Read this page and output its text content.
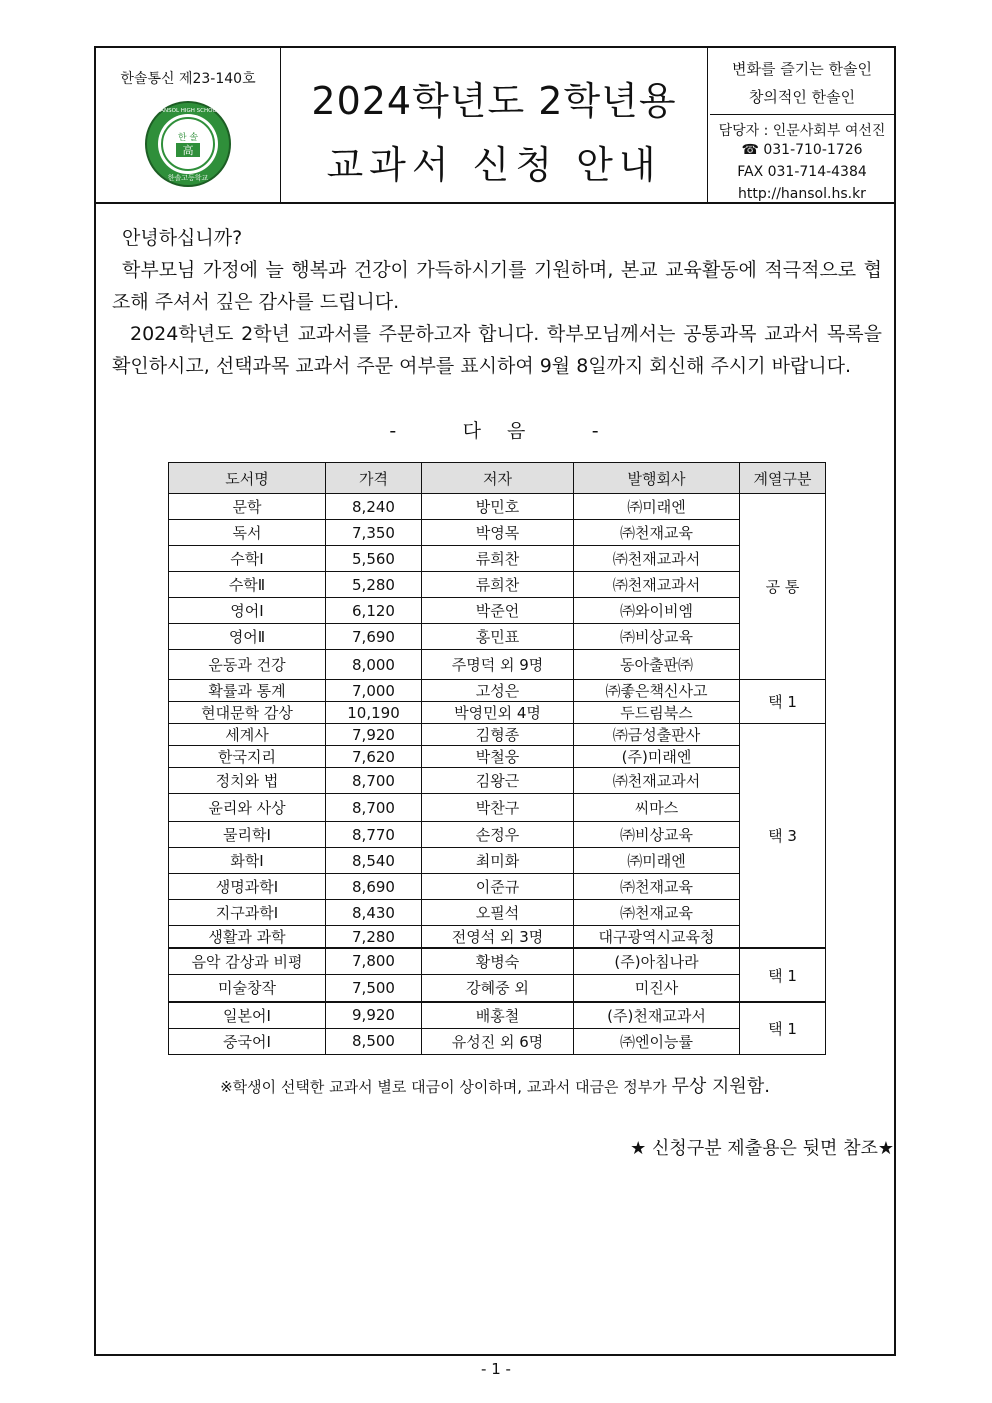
한솔통신 제23-140호
한 솔
高
한솔고등학교
HANSOL HIGH SCHOOL	2024학년도 2학년용
교과서 신청 안내
변화를 즐기는 한솔인
창의적인 한솔인
담당자 : 인문사회부 여선진
☎ 031-710-1726
FAX 031-714-4384
http://hansol.hs.kr
안녕하십니까?
학부모님 가정에 늘 행복과 건강이 가득하시기를 기원하며, 본교 교육활동에 적극적으로 협조해 주셔서 깊은 감사를 드립니다.
2024학년도 2학년 교과서를 주문하고자 합니다. 학부모님께서는 공통과목 교과서 목록을 확인하시고, 선택과목 교과서 주문 여부를 표시하여 9월 8일까지 회신해 주시기 바랍니다.
-        다   음        -
도서명	가격	저자	발행회사	계열구분
문학	8,240	방민호	㈜미래엔	공 통
독서	7,350	박영목	㈜천재교육	
수학Ⅰ	5,560	류희찬	㈜천재교과서	
수학Ⅱ	5,280	류희찬	㈜천재교과서	
영어Ⅰ	6,120	박준언	㈜와이비엠	
영어Ⅱ	7,690	홍민표	㈜비상교육	
운동과 건강	8,000	주명덕 외 9명	동아출판㈜	
확률과 통계	7,000	고성은	㈜좋은책신사고	택 1
현대문학 감상	10,190	박영민외 4명	두드림북스	
세계사	7,920	김형종	㈜금성출판사	택 3
한국지리	7,620	박철웅	(주)미래엔	
정치와 법	8,700	김왕근	㈜천재교과서	
윤리와 사상	8,700	박찬구	씨마스	
물리학Ⅰ	8,770	손정우	㈜비상교육	
화학Ⅰ	8,540	최미화	㈜미래엔	
생명과학Ⅰ	8,690	이준규	㈜천재교육	
지구과학Ⅰ	8,430	오필석	㈜천재교육	
생활과 과학	7,280	전영석 외 3명	대구광역시교육청	
음악 감상과 비평	7,800	황병숙	(주)아침나라	택 1
미술창작	7,500	강혜중 외	미진사	
일본어Ⅰ	9,920	배홍철	(주)천재교과서	택 1
중국어Ⅰ	8,500	유성진 외 6명	㈜엔이능률	
※학생이 선택한 교과서 별로 대금이 상이하며, 교과서 대금은 정부가 무상 지원함.
★ 신청구분 제출용은 뒷면 참조★
- 1 -
